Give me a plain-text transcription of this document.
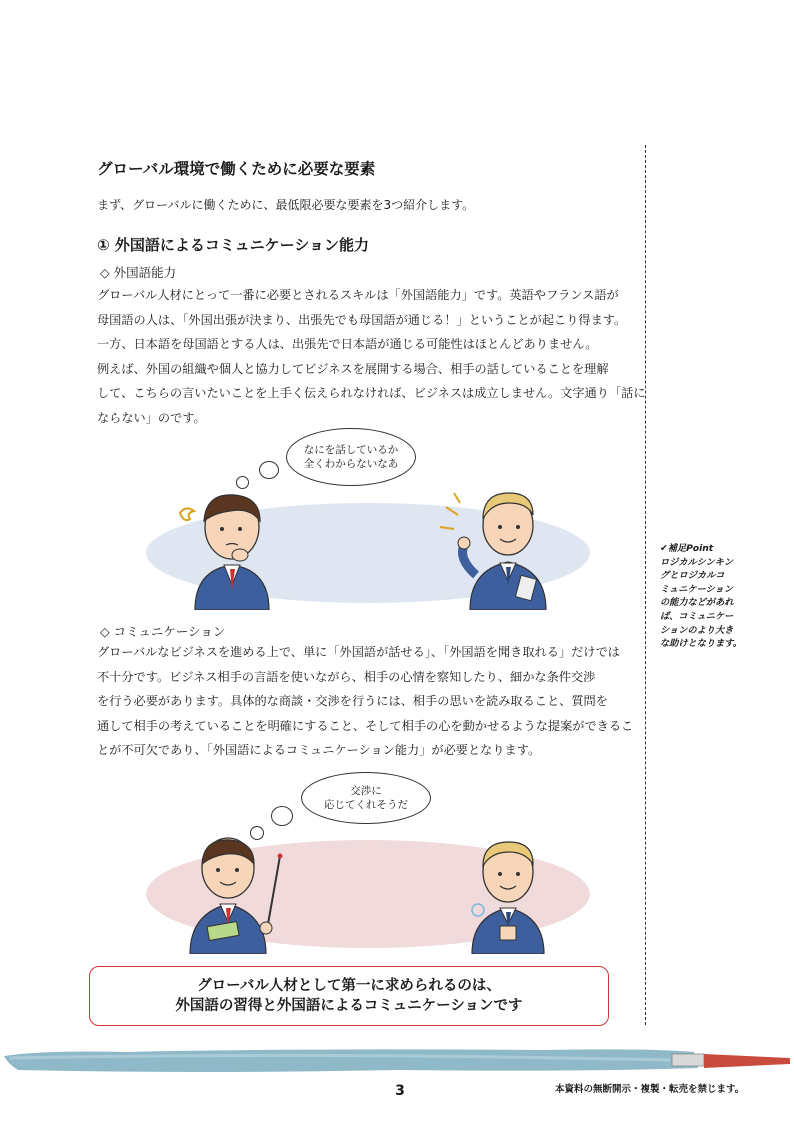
グローバル環境で働くために必要な要素

まず、グローバルに働くために、最低限必要な要素を3つ紹介します。

① 外国語によるコミュニケーション能力

◇ 外国語能力

グローバル人材にとって一番に必要とされるスキルは「外国語能力」です。英語やフランス語が
母国語の人は、「外国出張が決まり、出張先でも母国語が通じる！」ということが起こり得ます。
一方、日本語を母国語とする人は、出張先で日本語が通じる可能性はほとんどありません。
例えば、外国の組織や個人と協力してビジネスを展開する場合、相手の話していることを理解
して、こちらの言いたいことを上手く伝えられなければ、ビジネスは成立しません。文字通り「話に
ならない」のです。

なにを話しているか
全くわからないなあ

◇ コミュニケーション

グローバルなビジネスを進める上で、単に「外国語が話せる」、「外国語を聞き取れる」だけでは
不十分です。ビジネス相手の言語を使いながら、相手の心情を察知したり、細かな条件交渉
を行う必要があります。具体的な商談・交渉を行うには、相手の思いを読み取ること、質問を
通して相手の考えていることを明確にすること、そして相手の心を動かせるような提案ができるこ
とが不可欠であり、「外国語によるコミュニケーション能力」が必要となります。

交渉に
応じてくれそうだ
グローバル人材として第一に求められるのは、
外国語の習得と外国語によるコミュニケーションです
✔補足Point
ロジカルシンキン
グとロジカルコ
ミュニケーション
の能力などがあれ
ば、コミュニケー
ションのより大き
な助けとなります。
3	本資料の無断開示・複製・転売を禁じます。
